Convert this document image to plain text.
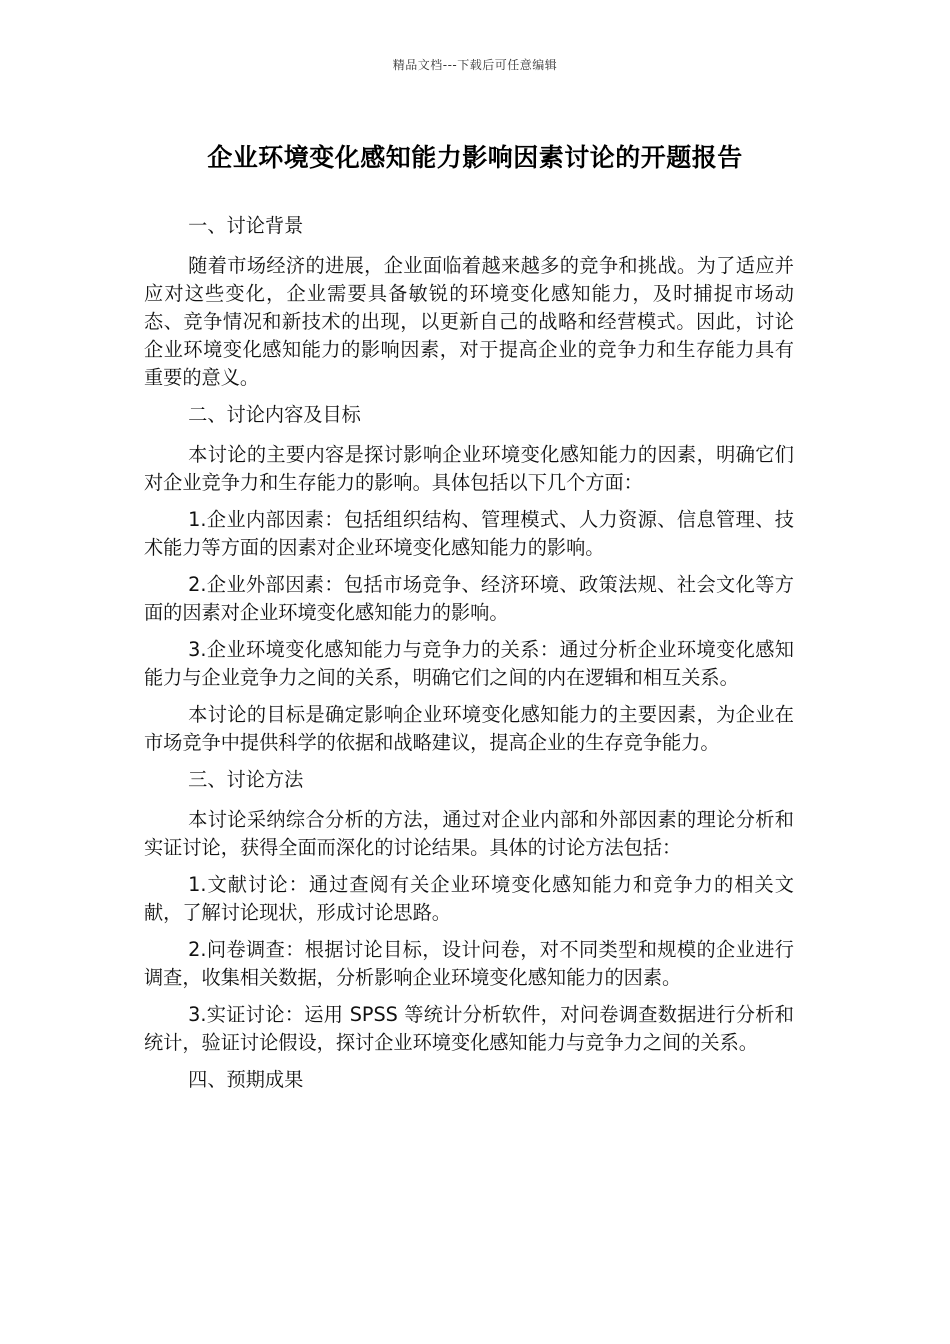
精品文档---下载后可任意编辑
企业环境变化感知能力影响因素讨论的开题报告

一、讨论背景

随着市场经济的进展，企业面临着越来越多的竞争和挑战。为了适应并应对这些变化，企业需要具备敏锐的环境变化感知能力，及时捕捉市场动态、竞争情况和新技术的出现，以更新自己的战略和经营模式。因此，讨论企业环境变化感知能力的影响因素，对于提高企业的竞争力和生存能力具有重要的意义。

二、讨论内容及目标

本讨论的主要内容是探讨影响企业环境变化感知能力的因素，明确它们对企业竞争力和生存能力的影响。具体包括以下几个方面：

1.企业内部因素：包括组织结构、管理模式、人力资源、信息管理、技术能力等方面的因素对企业环境变化感知能力的影响。

2.企业外部因素：包括市场竞争、经济环境、政策法规、社会文化等方面的因素对企业环境变化感知能力的影响。

3.企业环境变化感知能力与竞争力的关系：通过分析企业环境变化感知能力与企业竞争力之间的关系，明确它们之间的内在逻辑和相互关系。

本讨论的目标是确定影响企业环境变化感知能力的主要因素，为企业在市场竞争中提供科学的依据和战略建议，提高企业的生存竞争能力。

三、讨论方法

本讨论采纳综合分析的方法，通过对企业内部和外部因素的理论分析和实证讨论，获得全面而深化的讨论结果。具体的讨论方法包括：

1.文献讨论：通过查阅有关企业环境变化感知能力和竞争力的相关文献，了解讨论现状，形成讨论思路。

2.问卷调查：根据讨论目标，设计问卷，对不同类型和规模的企业进行调查，收集相关数据，分析影响企业环境变化感知能力的因素。

3.实证讨论：运用 SPSS 等统计分析软件，对问卷调查数据进行分析和统计，验证讨论假设，探讨企业环境变化感知能力与竞争力之间的关系。

四、预期成果
